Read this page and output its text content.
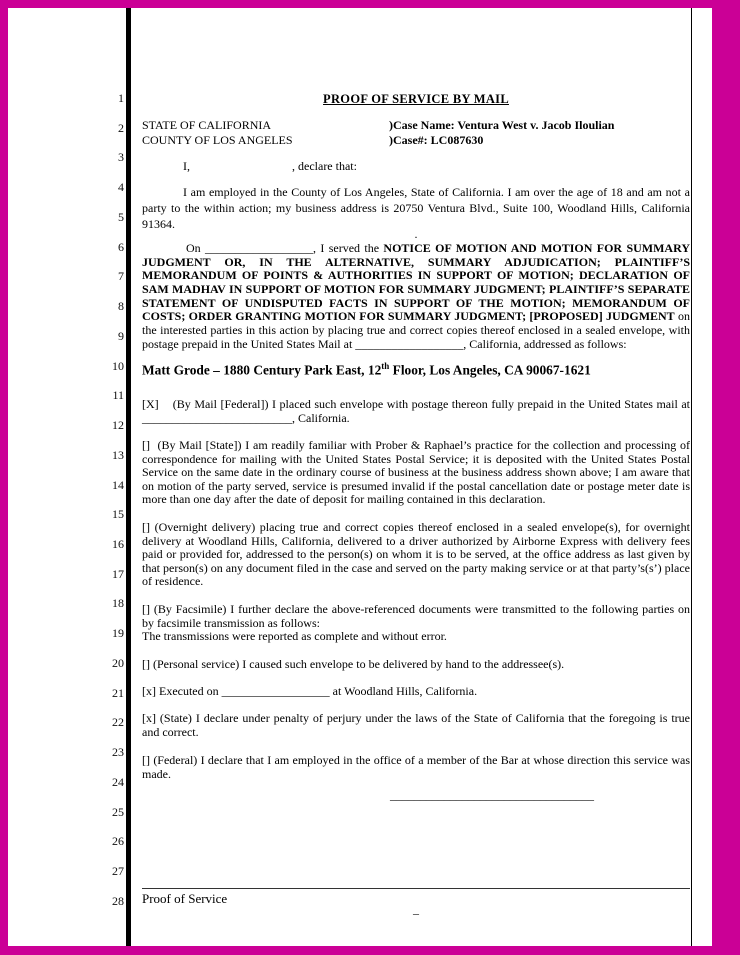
1
2
3
4
5
6
7
8
9
10
11
12
13
14
15
16
17
18
19
20
21
22
23
24
25
26
27
28
PROOF OF SERVICE BY MAIL
STATE OF CALIFORNIA
COUNTY OF LOS ANGELES
)Case Name: Ventura West v. Jacob Iloulian
)Case#: LC087630
I,	, declare that:
I am employed in the County of Los Angeles, State of California. I am over the age of 18 and am not a party to the within action; my business address is 20750 Ventura Blvd., Suite 100, Woodland Hills, California 91364.
.
On __________________, I served the NOTICE OF MOTION AND MOTION FOR SUMMARY JUDGMENT OR, IN THE ALTERNATIVE, SUMMARY ADJUDICATION; PLAINTIFF’S MEMORANDUM OF POINTS & AUTHORITIES IN SUPPORT OF MOTION; DECLARATION OF SAM MADHAV IN SUPPORT OF MOTION FOR SUMMARY JUDGMENT; PLAINTIFF’S SEPARATE STATEMENT OF UNDISPUTED FACTS IN SUPPORT OF THE MOTION; MEMORANDUM OF COSTS; ORDER GRANTING MOTION FOR SUMMARY JUDGMENT; [PROPOSED] JUDGMENT on the interested parties in this action by placing true and correct copies thereof enclosed in a sealed envelope, with postage prepaid in the United States Mail at __________________, California, addressed as follows:
Matt Grode – 1880 Century Park East, 12th Floor, Los Angeles, CA 90067-1621
[X]    (By Mail [Federal]) I placed such envelope with postage thereon fully prepaid in the United States mail at _________________________, California.
[]  (By Mail [State]) I am readily familiar with Prober & Raphael’s practice for the collection and processing of correspondence for mailing with the United States Postal Service; it is deposited with the United States Postal Service on the same date in the ordinary course of business at the business address shown above; I am aware that on motion of the party served, service is presumed invalid if the postal cancellation date or postage meter date is more than one day after the date of deposit for mailing contained in this declaration.
[] (Overnight delivery) placing true and correct copies thereof enclosed in a sealed envelope(s), for overnight delivery at Woodland Hills, California, delivered to a driver authorized by Airborne Express with delivery fees paid or provided for, addressed to the person(s) on whom it is to be served, at the office address as last given by that person(s) on any document filed in the case and served on the party making service or at that party’s(s’) place of residence.
[] (By Facsimile) I further declare the above-referenced documents were transmitted to the following parties on by facsimile transmission as follows:
The transmissions were reported as complete and without error.
[] (Personal service) I caused such envelope to be delivered by hand to the addressee(s).
[x] Executed on __________________ at Woodland Hills, California.
[x] (State) I declare under penalty of perjury under the laws of the State of California that the foregoing is true and correct.
[] (Federal) I declare that I am employed in the office of a member of the Bar at whose direction this service was made.
__________________________________
Proof of Service
–
